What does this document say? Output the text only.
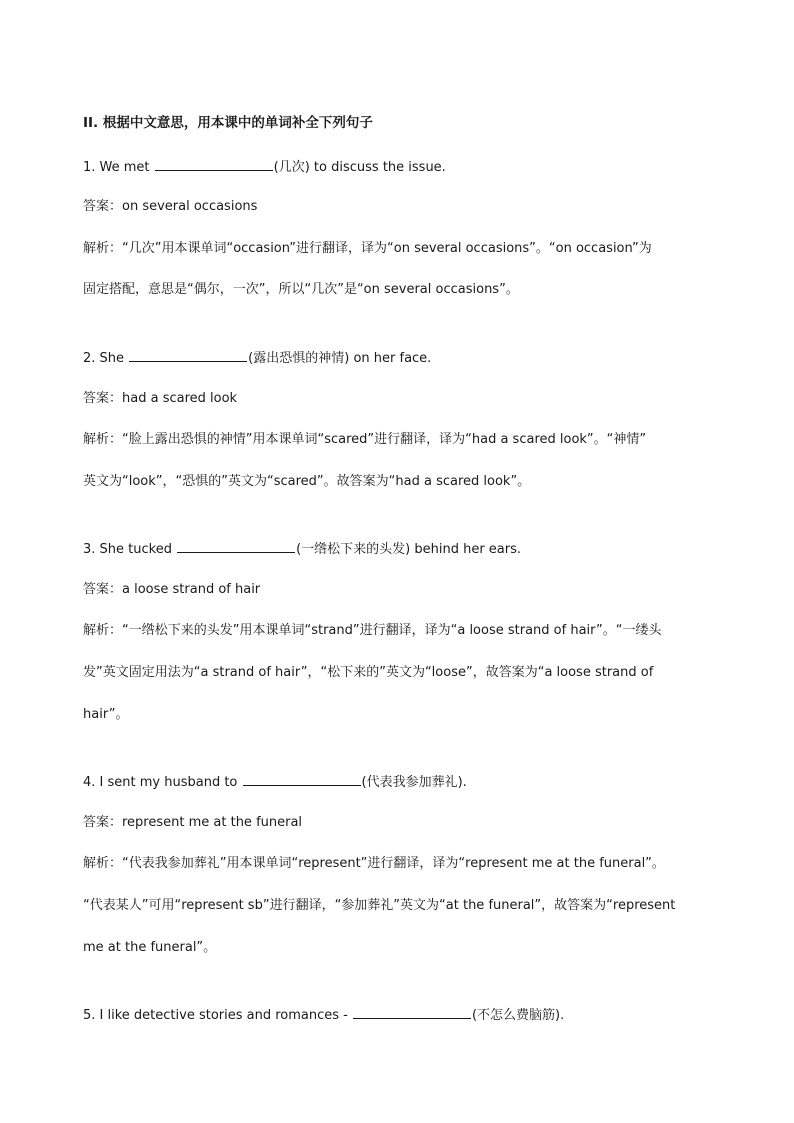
II. 根据中文意思，用本课中的单词补全下列句子
1. We met	(几次) to discuss the issue.
答案：on several occasions
解析：“几次”用本课单词“occasion”进行翻译，译为“on several occasions”。“on occasion”为
固定搭配，意思是“偶尔，一次”，所以“几次”是“on several occasions”。
2. She	(露出恐惧的神情) on her face.
答案：had a scared look
解析：“脸上露出恐惧的神情”用本课单词“scared”进行翻译，译为“had a scared look”。“神情”
英文为“look”，“恐惧的”英文为“scared”。故答案为“had a scared look”。
3. She tucked	(一绺松下来的头发) behind her ears.
答案：a loose strand of hair
解析：“一绺松下来的头发”用本课单词“strand”进行翻译，译为“a loose strand of hair”。“一缕头
发”英文固定用法为“a strand of hair”，“松下来的”英文为“loose”，故答案为“a loose strand of
hair”。
4. I sent my husband to	(代表我参加葬礼).
答案：represent me at the funeral
解析：“代表我参加葬礼”用本课单词“represent”进行翻译，译为“represent me at the funeral”。
“代表某人”可用“represent sb”进行翻译，“参加葬礼”英文为“at the funeral”，故答案为“represent
me at the funeral”。
5. I like detective stories and romances -	(不怎么费脑筋).
